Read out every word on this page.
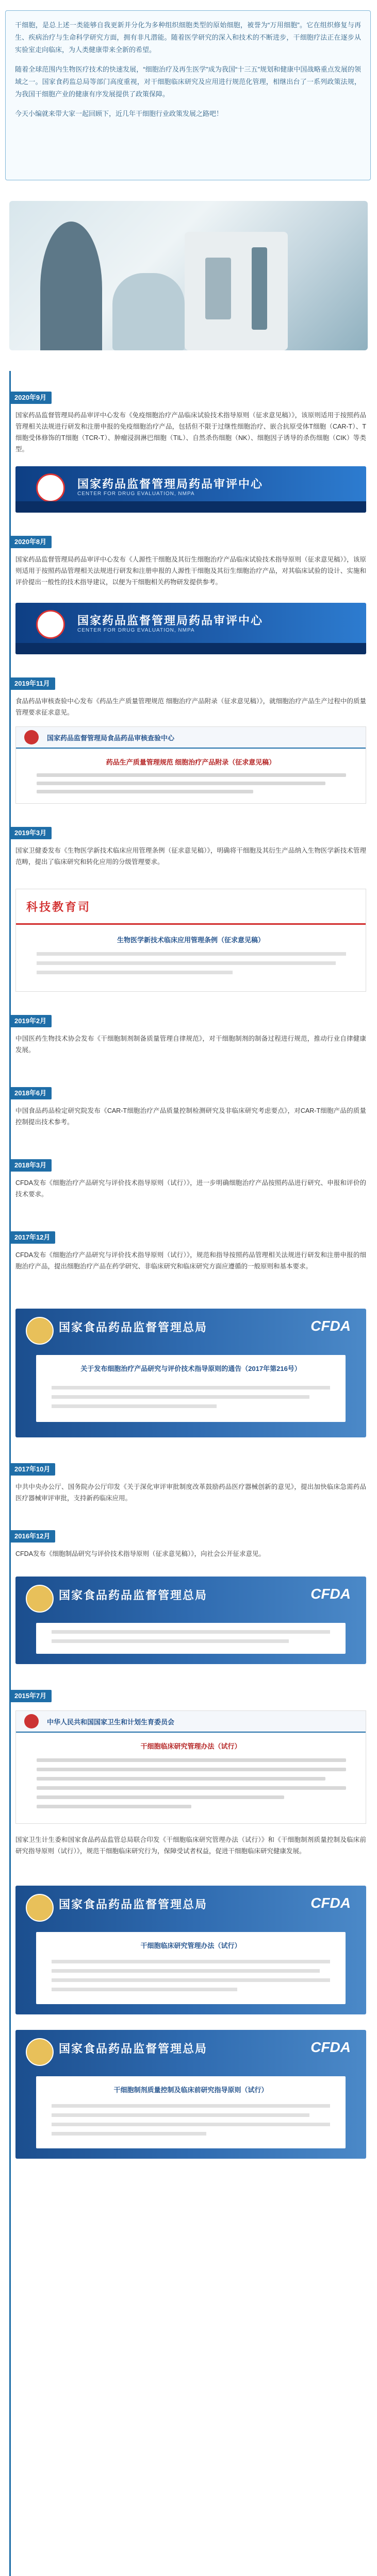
干细胞，是总上述一类能够自我更新并分化为多种组织细胞类型的原始细胞，被誉为“万用细胞”。它在组织修复与再生、疾病治疗与生命科学研究方面，拥有非凡潜能。随着医学研究的深入和技术的不断进步，干细胞疗法正在逐步从实验室走向临床，为人类健康带来全新的希望。

随着全球范围内生物医疗技术的快速发展，“细胞治疗及再生医学”成为我国“十三五”规划和健康中国战略重点发展的领域之一。国家食药监总局等部门高度重视，对干细胞临床研究及应用进行规范化管理，相继出台了一系列政策法规，为我国干细胞产业的健康有序发展提供了政策保障。

今天小编就来带大家一起回顾下，近几年干细胞行业政策发展之路吧！

2020年9月
国家药品监督管理局药品审评中心发布《免疫细胞治疗产品临床试验技术指导原则（征求意见稿）》，该原则适用于按照药品管理相关法规进行研发和注册申报的免疫细胞治疗产品，包括但不限于过继性细胞治疗、嵌合抗原受体T细胞（CAR-T）、T细胞受体修饰的T细胞（TCR-T）、肿瘤浸润淋巴细胞（TIL）、自然杀伤细胞（NK）、细胞因子诱导的杀伤细胞（CIK）等类型。
国家药品监督管理局药品审评中心
CENTER FOR DRUG EVALUATION, NMPA
2020年8月
国家药品监督管理局药品审评中心发布《人源性干细胞及其衍生细胞治疗产品临床试验技术指导原则（征求意见稿）》，该原则适用于按照药品管理相关法规进行研发和注册申报的人源性干细胞及其衍生细胞治疗产品，对其临床试验的设计、实施和评价提出一般性的技术指导建议，以便为干细胞相关药物研发提供参考。
国家药品监督管理局药品审评中心
CENTER FOR DRUG EVALUATION, NMPA
2019年11月
食品药品审核查验中心发布《药品生产质量管理规范 细胞治疗产品附录（征求意见稿）》，就细胞治疗产品生产过程中的质量管理要求征求意见。
国家药品监督管理局食品药品审核查验中心
药品生产质量管理规范 细胞治疗产品附录（征求意见稿）
2019年3月
国家卫健委发布《生物医学新技术临床应用管理条例（征求意见稿）》，明确将干细胞及其衍生产品纳入生物医学新技术管理范畴，提出了临床研究和转化应用的分级管理要求。
科技教育司
生物医学新技术临床应用管理条例（征求意见稿）
2019年2月
中国医药生物技术协会发布《干细胞制剂制备质量管理自律规范》，对干细胞制剂的制备过程进行规范，推动行业自律健康发展。
2018年6月
中国食品药品检定研究院发布《CAR-T细胞治疗产品质量控制检测研究及非临床研究考虑要点》，对CAR-T细胞产品的质量控制提出技术参考。
2018年3月
CFDA发布《细胞治疗产品研究与评价技术指导原则（试行）》，进一步明确细胞治疗产品按照药品进行研究、申报和评价的技术要求。
2017年12月
CFDA发布《细胞治疗产品研究与评价技术指导原则（试行）》，规范和指导按照药品管理相关法规进行研发和注册申报的细胞治疗产品，提出细胞治疗产品在药学研究、非临床研究和临床研究方面应遵循的一般原则和基本要求。
国家食品药品监督管理总局	CFDA
关于发布细胞治疗产品研究与评价技术指导原则的通告（2017年第216号）
2017年10月
中共中央办公厅、国务院办公厅印发《关于深化审评审批制度改革鼓励药品医疗器械创新的意见》，提出加快临床急需药品医疗器械审评审批，支持新药临床应用。
2016年12月
CFDA发布《细胞制品研究与评价技术指导原则（征求意见稿）》，向社会公开征求意见。
国家食品药品监督管理总局	CFDA
2015年7月
中华人民共和国国家卫生和计划生育委员会
干细胞临床研究管理办法（试行）
国家卫生计生委和国家食品药品监管总局联合印发《干细胞临床研究管理办法（试行）》和《干细胞制剂质量控制及临床前研究指导原则（试行）》，规范干细胞临床研究行为，保障受试者权益，促进干细胞临床研究健康发展。
国家食品药品监督管理总局	CFDA
干细胞临床研究管理办法（试行）
国家食品药品监督管理总局	CFDA
干细胞制剂质量控制及临床前研究指导原则（试行）
